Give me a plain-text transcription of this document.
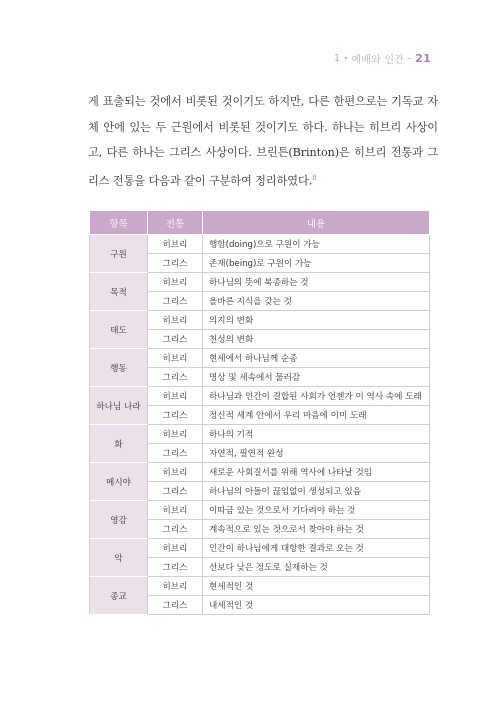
1 • 예배와 인간 – 21
게 표출되는 것에서 비롯된 것이기도 하지만, 다른 한편으로는 기독교 자체 안에 있는 두 근원에서 비롯된 것이기도 하다. 하나는 히브리 사상이고, 다른 하나는 그리스 사상이다. 브린튼(Brinton)은 히브리 전통과 그리스 전통을 다음과 같이 구분하여 정리하였다.$^8$
항목	전통	내용
구원	히브리	행함(doing)으로 구원이 가능
	그리스	존재(being)로 구원이 가능
목적	히브리	하나님의 뜻에 복종하는 것
	그리스	올바른 지식을 갖는 것
태도	히브리	의지의 변화
	그리스	천성의 변화
행동	히브리	현세에서 하나님께 순종
	그리스	명상 및 세속에서 물러감
하나님 나라	히브리	하나님과 인간이 결합된 사회가 언젠가 이 역사 속에 도래
	그리스	정신적 세계 안에서 우리 마음에 이미 도래
화	히브리	하나의 기적
	그리스	자연적, 필연적 완성
메시야	히브리	새로운 사회질서를 위해 역사에 나타날 것임
	그리스	하나님의 아들이 끊임없이 생성되고 있음
영감	히브리	이따금 있는 것으로서 기다려야 하는 것
	그리스	계속적으로 있는 것으로서 찾아야 하는 것
악	히브리	인간이 하나님에게 대항한 결과로 오는 것
	그리스	선보다 낮은 정도로 실재하는 것
종교	히브리	현세적인 것
	그리스	내세적인 것
